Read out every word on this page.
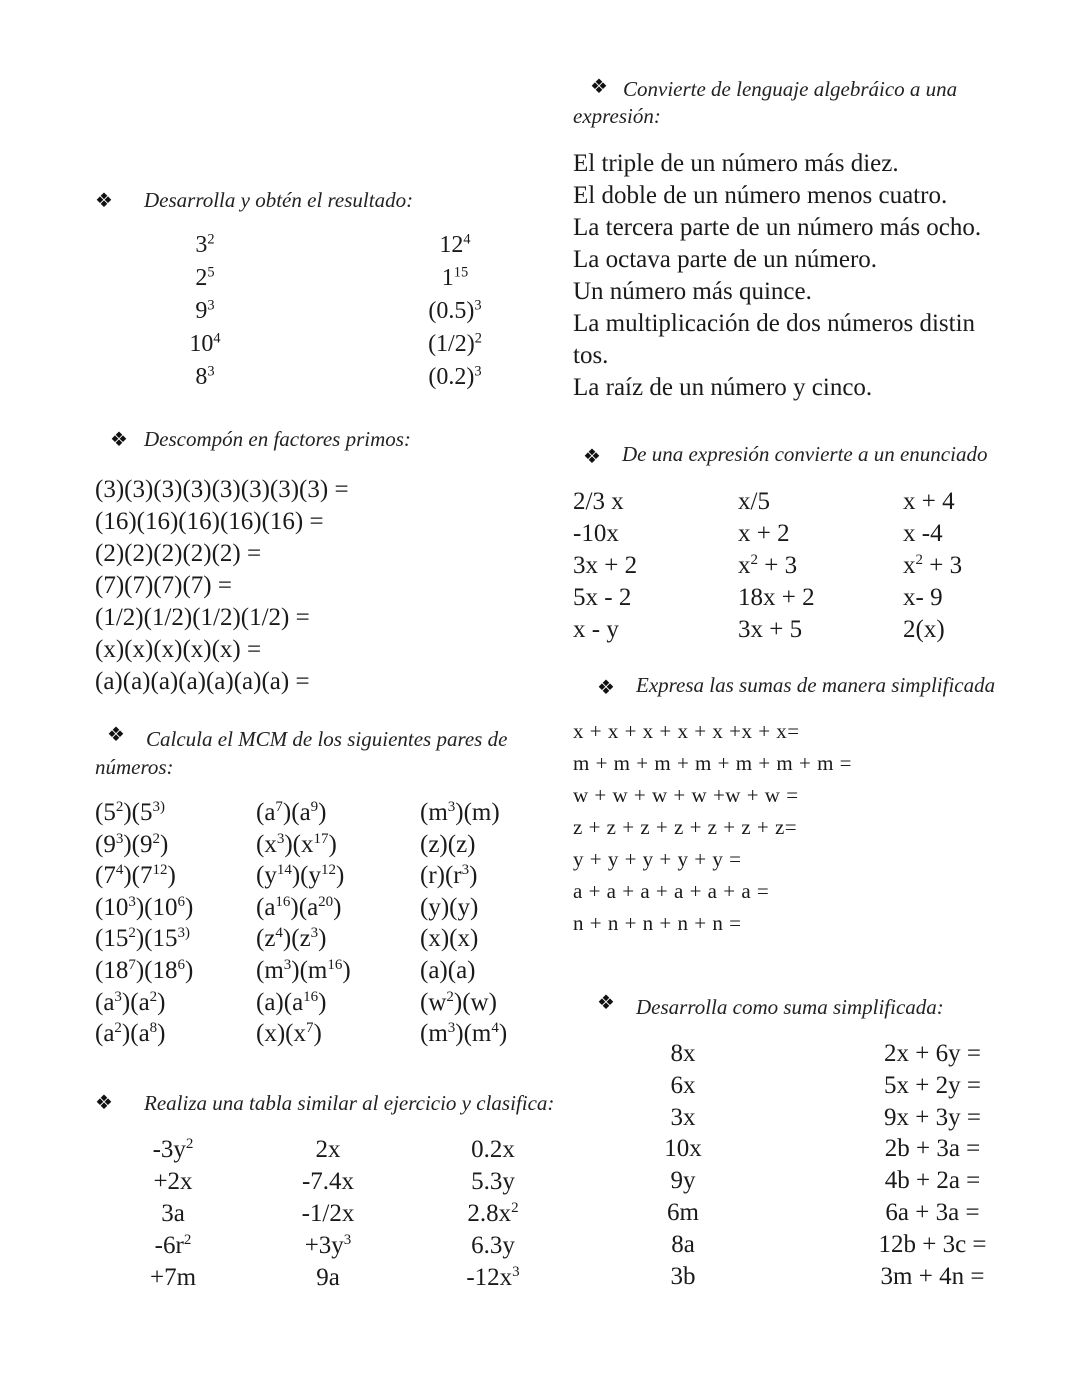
❖ Desarrolla y obtén el resultado:
$3^2$
$2^5$
$9^3$
$10^4$
$8^3$
$12^4$
$1^{15}$
$(0.5)^3$
$(1/2)^2$
$(0.2)^3$
❖ Descompón en factores primos:
(3)(3)(3)(3)(3)(3)(3)(3) =
(16)(16)(16)(16)(16) =
(2)(2)(2)(2)(2) =
(7)(7)(7)(7) =
(1/2)(1/2)(1/2)(1/2) =
(x)(x)(x)(x)(x) =
(a)(a)(a)(a)(a)(a)(a) =
❖ Calcula el MCM de los siguientes pares de
números:
$(5^2)(5^{3)}$
$(9^3)(9^2)$
$(7^4)(7^{12})$
$(10^3)(10^6)$
$(15^2)(15^{3)}$
$(18^7)(18^6)$
$(a^3)(a^2)$
$(a^2)(a^8)$
$(a^7)(a^9)$
$(x^3)(x^{17})$
$(y^{14})(y^{12})$
$(a^{16})(a^{20})$
$(z^4)(z^3)$
$(m^3)(m^{16})$
$(a)(a^{16})$
$(x)(x^7)$
$(m^3)(m)$
(z)(z)
$(r)(r^3)$
(y)(y)
(x)(x)
(a)(a)
$(w^2)(w)$
$(m^3)(m^4)$
❖ Realiza una tabla similar al ejercicio y clasifica:
$-3y^2$
+2x
3a
$-6r^2$
+7m
2x
-7.4x
-1/2x
$+3y^3$
9a
0.2x
5.3y
$2.8x^2$
6.3y
$-12x^3$
❖ Convierte de lenguaje algebráico a una
expresión:
El triple de un número más diez.
El doble de un número menos cuatro.
La tercera parte de un número más ocho.
La octava parte de un número.
Un número más quince.
La multiplicación de dos números distin
tos.
La raíz de un número y cinco.
❖ De una expresión convierte a un enunciado
2/3 x
-10x
3x + 2
5x - 2
x - y
x/5
x + 2
$x^2 + 3$
18x + 2
3x + 5
x + 4
x -4
$x^2 + 3$
x- 9
2(x)
❖ Expresa las sumas de manera simplificada
x + x + x + x + x +x + x=
m + m + m + m + m + m + m =
w + w + w + w +w + w =
z + z + z + z + z + z + z=
y + y + y + y + y =
a + a + a + a + a + a =
n + n + n + n + n =
❖ Desarrolla como suma simplificada:
8x
6x
3x
10x
9y
6m
8a
3b
2x + 6y =
5x + 2y =
9x + 3y =
2b + 3a =
4b + 2a =
6a + 3a =
12b + 3c =
3m + 4n =
